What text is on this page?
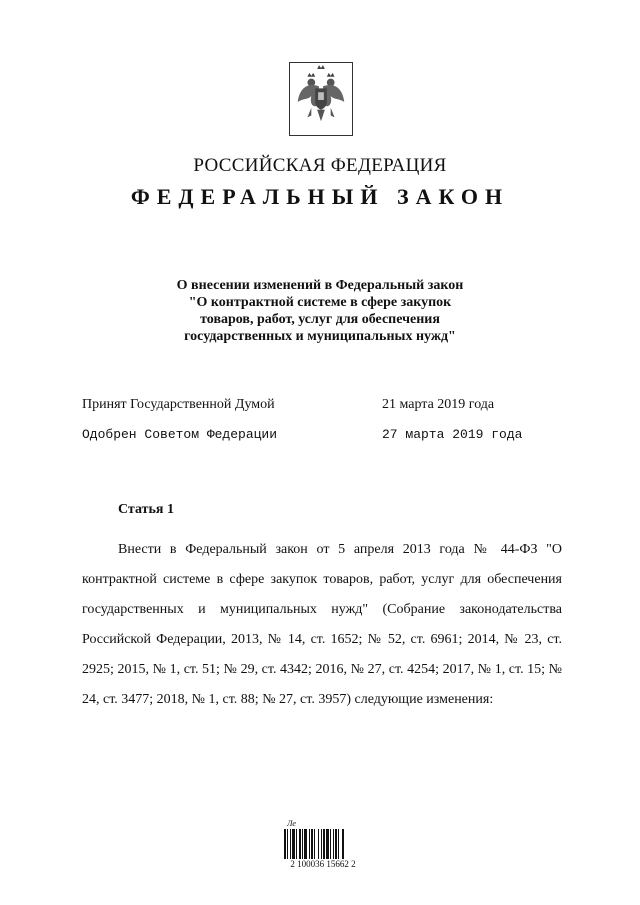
РОССИЙСКАЯ ФЕДЕРАЦИЯ
ФЕДЕРАЛЬНЫЙ ЗАКОН
О внесении изменений в Федеральный закон
"О контрактной системе в сфере закупок
товаров, работ, услуг для обеспечения
государственных и муниципальных нужд"
Принят Государственной Думой	21 марта 2019 года
Одобрен Советом Федерации	27 марта 2019 года
Статья 1
Внести в Федеральный закон от 5 апреля 2013 года № 44-ФЗ "О контрактной системе в сфере закупок товаров, работ, услуг для обеспечения государственных и муниципальных нужд" (Собрание законодательства Российской Федерации, 2013, № 14, ст. 1652; № 52, ст. 6961; 2014, № 23, ст. 2925; 2015, № 1, ст. 51; № 29, ст. 4342; 2016, № 27, ст. 4254; 2017, № 1, ст. 15; № 24, ст. 3477; 2018, № 1, ст. 88; № 27, ст. 3957) следующие изменения:
Ле
2 100036 15662 2
